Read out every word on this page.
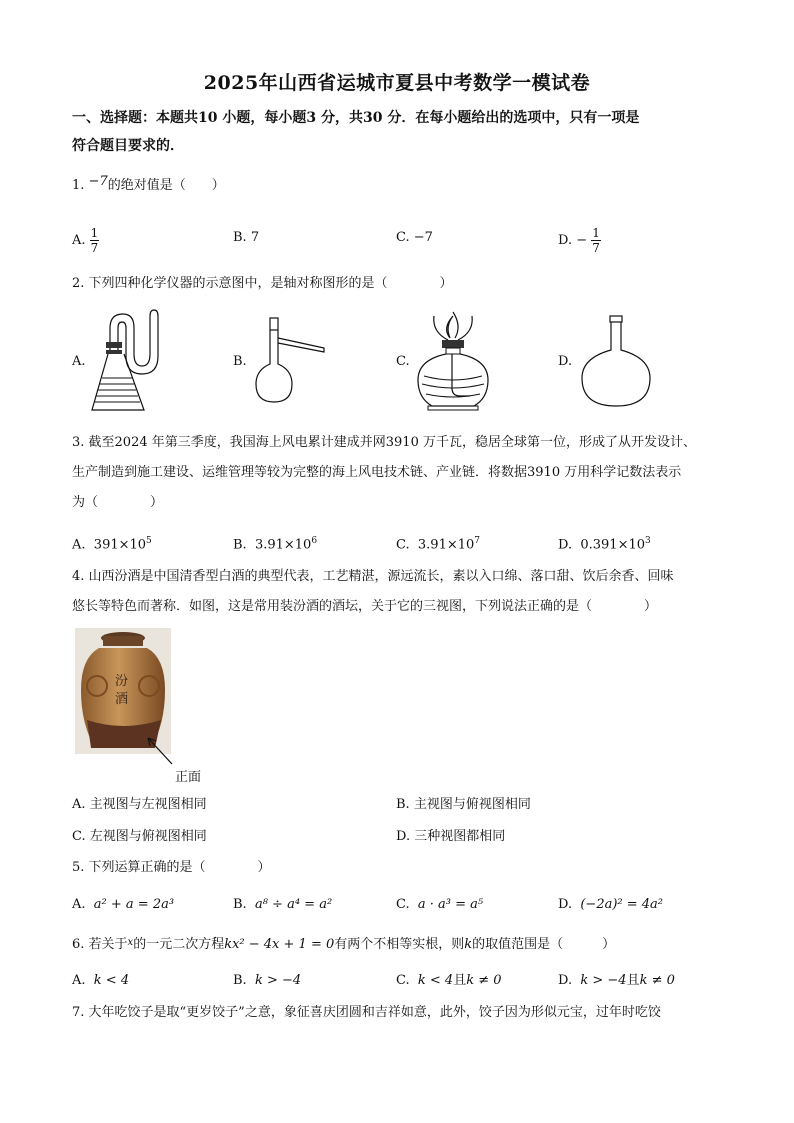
2025年山西省运城市夏县中考数学一模试卷
一、选择题：本题共10 小题，每小题3 分，共30 分．在每小题给出的选项中，只有一项是
符合题目要求的．
1. −7的绝对值是（　　）
A. $\frac{1}{7}$	B. 7	C. −7	D. − $\frac{1}{7}$
2. 下列四种化学仪器的示意图中，是轴对称图形的是（　　　　）
A.	B.	C.	D.
3. 截至2024 年第三季度，我国海上风电累计建成并网3910 万千瓦，稳居全球第一位，形成了从开发设计、
生产制造到施工建设、运维管理等较为完整的海上风电技术链、产业链．将数据3910 万用科学记数法表示
为（　　　　）
A. $391\times 10^5$	B. $3.91\times 10^6$	C. $3.91\times 10^7$	D. $0.391\times 10^3$
4. 山西汾酒是中国清香型白酒的典型代表，工艺精湛，源远流长，素以入口绵、落口甜、饮后余香、回味
悠长等特色而著称．如图，这是常用装汾酒的酒坛，关于它的三视图，下列说法正确的是（　　　　）
汾
酒
正面
A. 主视图与左视图相同	B. 主视图与俯视图相同
C. 左视图与俯视图相同	D. 三种视图都相同
5. 下列运算正确的是（　　　　）
A. a² + a = 2a³	B. a⁸ ÷ a⁴ = a²	C. a · a³ = a⁵	D. (−2a)² = 4a²
6. 若关于$^x$的一元二次方程kx² − 4x + 1 = 0有两个不相等实根，则k的取值范围是（　　　）
A. k < 4	B. k > −4	C. k < 4且k ≠ 0	D. k > −4且k ≠ 0
7. 大年吃饺子是取“更岁饺子”之意，象征喜庆团圆和吉祥如意，此外，饺子因为形似元宝，过年时吃饺
